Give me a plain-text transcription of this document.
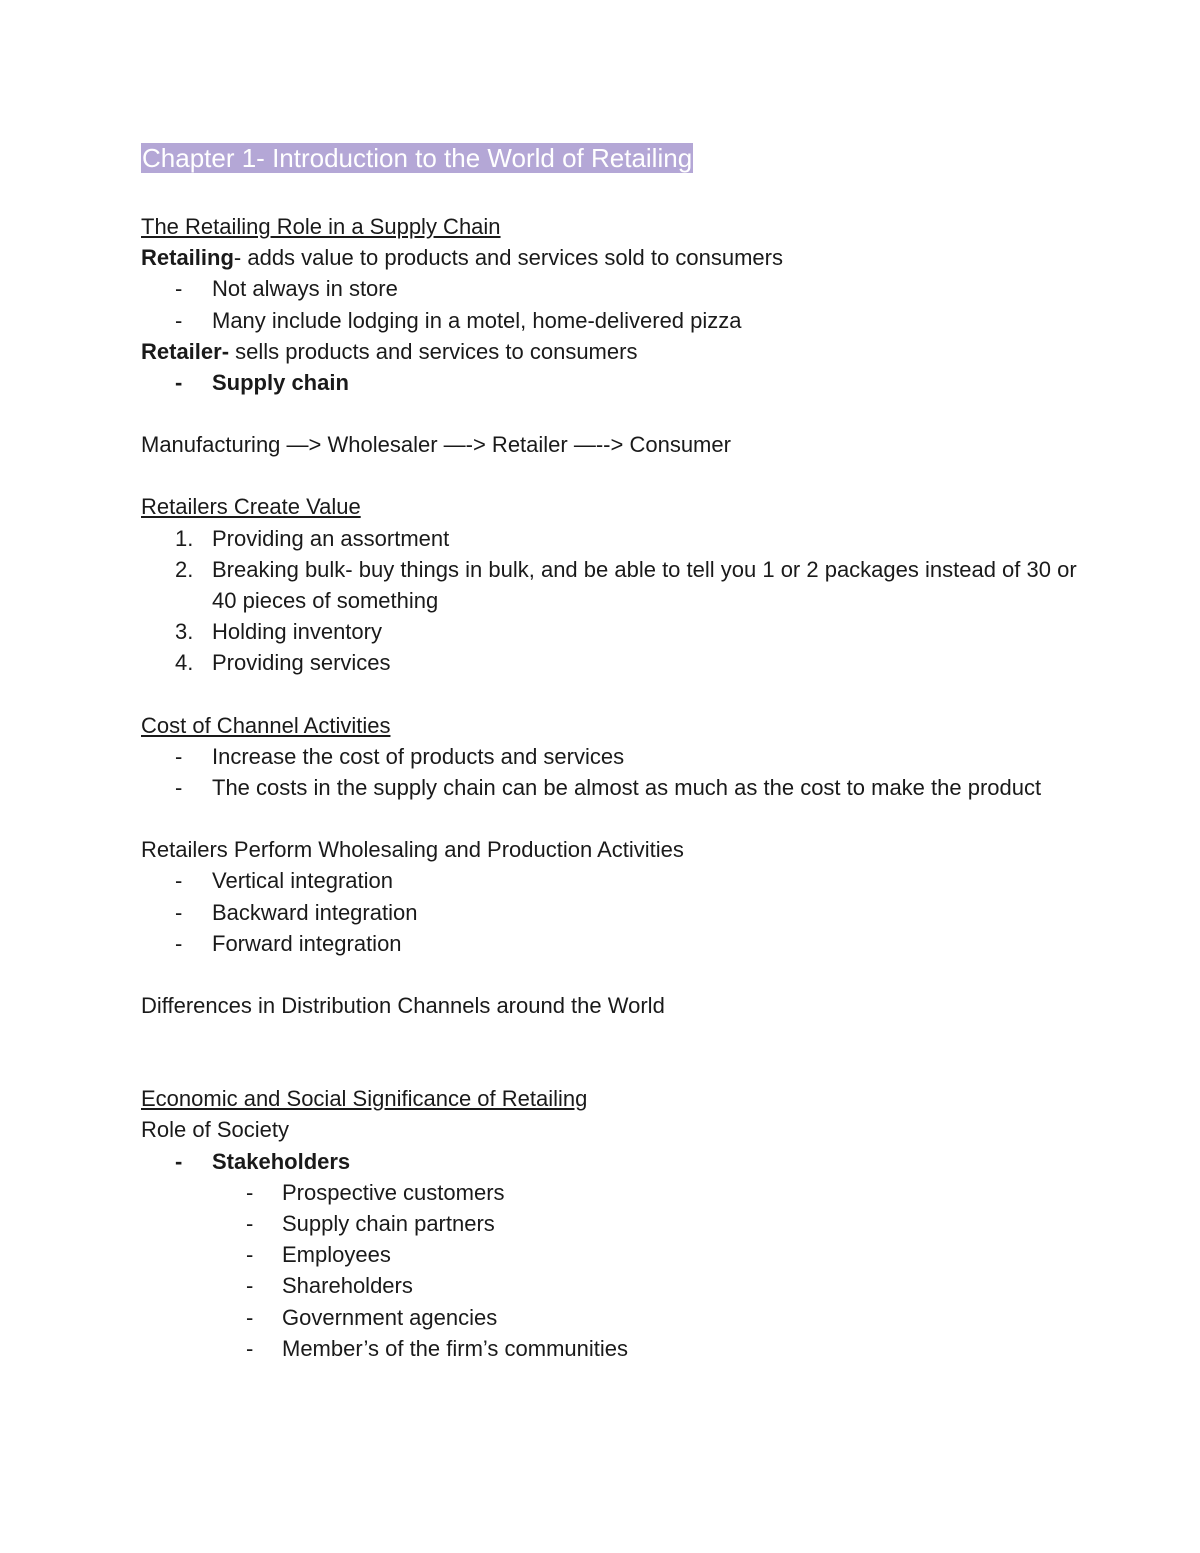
Chapter 1- Introduction to the World of Retailing
The Retailing Role in a Supply Chain
Retailing- adds value to products and services sold to consumers
- Not always in store
- Many include lodging in a motel, home-delivered pizza
Retailer- sells products and services to consumers
- Supply chain
Manufacturing —> Wholesaler —-> Retailer —--> Consumer
Retailers Create Value
1. Providing an assortment
2. Breaking bulk- buy things in bulk, and be able to tell you 1 or 2 packages instead of 30 or 40 pieces of something
3. Holding inventory
4. Providing services
Cost of Channel Activities
- Increase the cost of products and services
- The costs in the supply chain can be almost as much as the cost to make the product
Retailers Perform Wholesaling and Production Activities
- Vertical integration
- Backward integration
- Forward integration
Differences in Distribution Channels around the World
Economic and Social Significance of Retailing
Role of Society
- Stakeholders
- Prospective customers
- Supply chain partners
- Employees
- Shareholders
- Government agencies
- Member’s of the firm’s communities
